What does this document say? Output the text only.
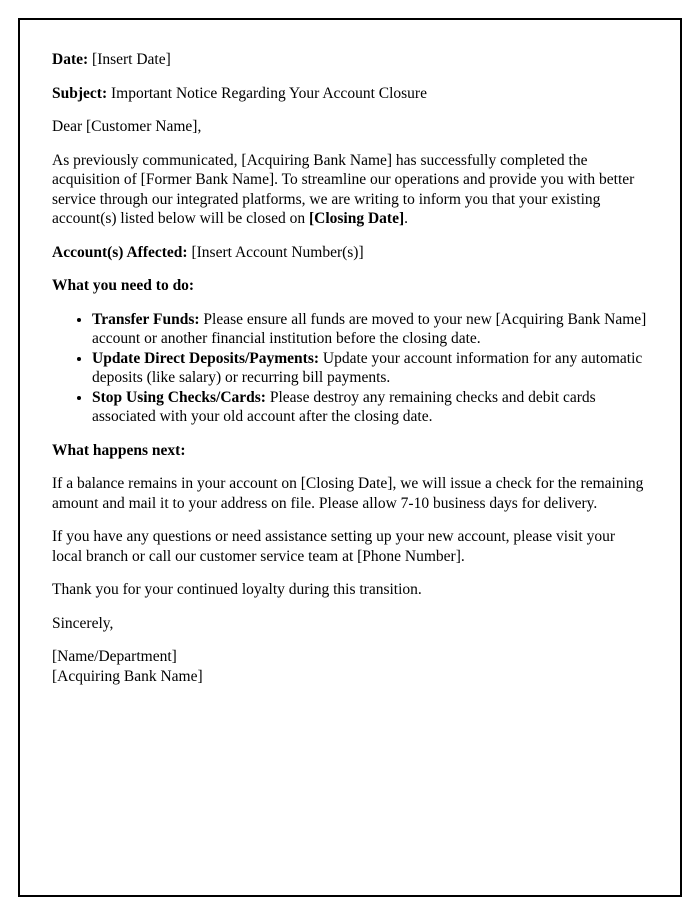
Date: [Insert Date]

Subject: Important Notice Regarding Your Account Closure

Dear [Customer Name],

As previously communicated, [Acquiring Bank Name] has successfully completed the acquisition of [Former Bank Name]. To streamline our operations and provide you with better service through our integrated platforms, we are writing to inform you that your existing account(s) listed below will be closed on [Closing Date].

Account(s) Affected: [Insert Account Number(s)]

What you need to do:

• Transfer Funds: Please ensure all funds are moved to your new [Acquiring Bank Name] account or another financial institution before the closing date.
• Update Direct Deposits/Payments: Update your account information for any automatic deposits (like salary) or recurring bill payments.
• Stop Using Checks/Cards: Please destroy any remaining checks and debit cards associated with your old account after the closing date.

What happens next:

If a balance remains in your account on [Closing Date], we will issue a check for the remaining amount and mail it to your address on file. Please allow 7-10 business days for delivery.

If you have any questions or need assistance setting up your new account, please visit your local branch or call our customer service team at [Phone Number].

Thank you for your continued loyalty during this transition.

Sincerely,

[Name/Department]
[Acquiring Bank Name]
